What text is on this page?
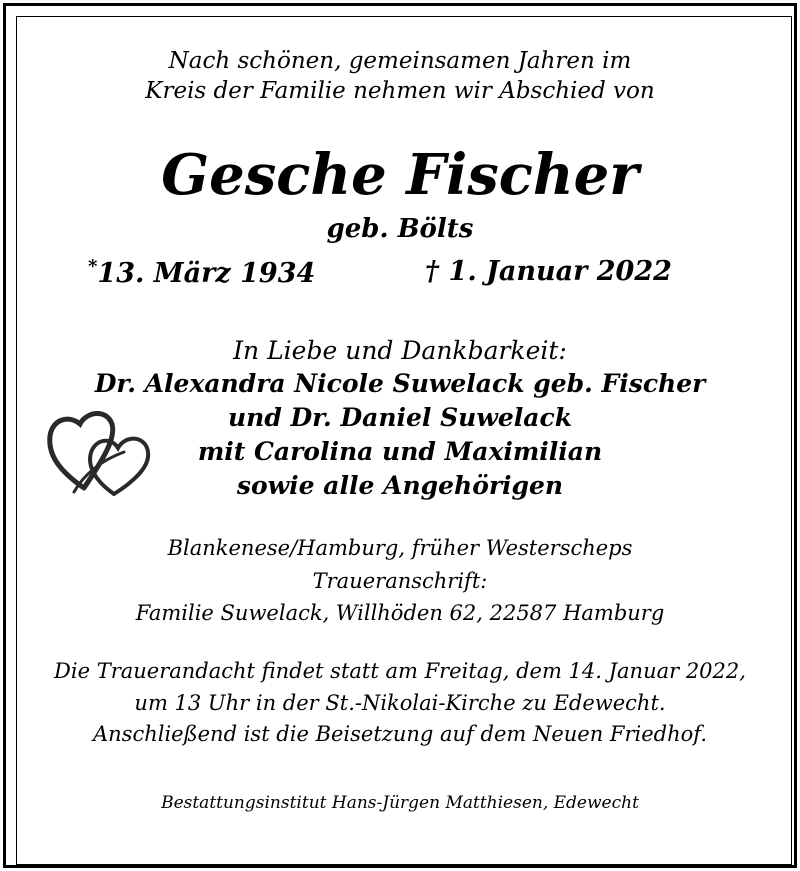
Nach schönen, gemeinsamen Jahren im
Kreis der Familie nehmen wir Abschied von
Gesche Fischer
geb. Bölts
*13. März 1934	† 1. Januar 2022
In Liebe und Dankbarkeit:
Dr. Alexandra Nicole Suwelack geb. Fischer
und Dr. Daniel Suwelack
mit Carolina und Maximilian
sowie alle Angehörigen
Blankenese/Hamburg, früher Westerscheps
Traueranschrift:
Familie Suwelack, Willhöden 62, 22587 Hamburg
Die Trauerandacht findet statt am Freitag, dem 14. Januar 2022,
um 13 Uhr in der St.-Nikolai-Kirche zu Edewecht.
Anschließend ist die Beisetzung auf dem Neuen Friedhof.
Bestattungsinstitut Hans-Jürgen Matthiesen, Edewecht
